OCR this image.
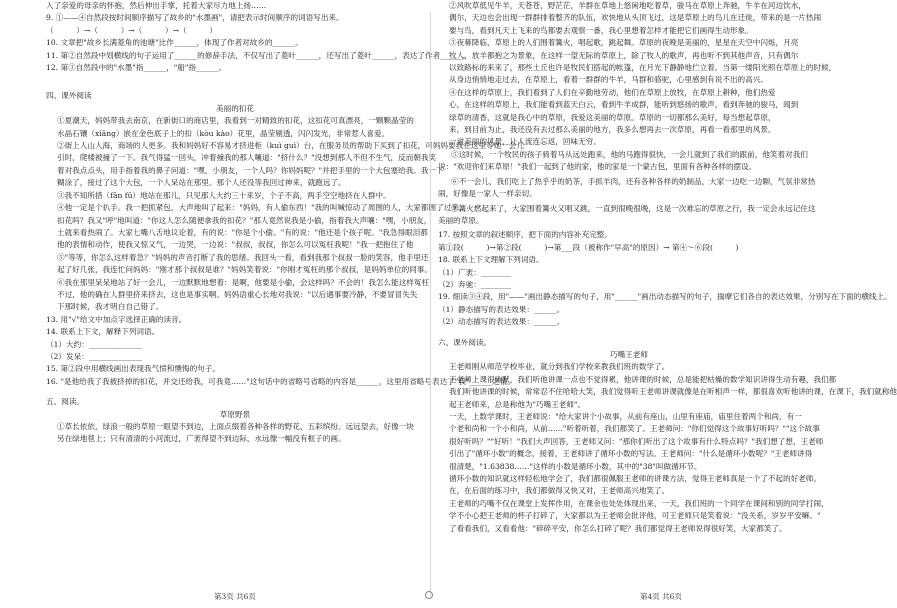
入了亲爱的母亲的怀抱，然后伸出手掌，托着大家尽力地上扬……
9. ①——④自然段按时间顺序描写了故乡的"水墨画"，请把表示时间顺序的词语写出来。
（　　　）→（　　　）→（　　　）→（　　　）
10. 文章把"故乡长满菱角的池塘"比作______，体现了作者对故乡的______。
11. 第②自然段中划横线的句子运用了______的修辞手法，不仅写出了菱叶______，还写出了菱叶______，表达了作者______。
12. 第③自然段中的"水墨"指______，"船"指______。
四、课外阅读
美丽的扣花
①夏潮天，妈妈带我去南京，在新街口的商店里，我看到一对精致的扣花，这扣花可真漂亮，一颗颗晶莹的
水晶石镶（xiāng）嵌在金色底子上的扣（kòu kào）花里，晶莹剔透，闪闪发光，非常惹人喜爱。
②街上人山人海，商场的人更多。我和妈妈好不容易才挤进柜（kuì guì）台，在服务员的帮助下买到了扣花，可妈妈要我在这里等她一会儿
引时，爬楼被撞了一下。我气得猛一回头，冲着撞我的那人嚷道："挤什么？"没想到那人不但不生气，反而朝我笑
着对我点点头，用手指着我的鼻子问道："嘿，小朋友，一个人吗？你妈妈呢？"并把手里的一个大包塞给我。我一下
糊涂了，接过了这个大包，一个人呆站在那里。那个人还没等我回过神来，就跑远了。
③我不知所措（fǎn fǔ）地站在那儿，只见那人大约三十来岁，个子不高，两手空空地挤在人群中。
④他一定是个扒手。我一把抓紧包，大声地叫了起来："妈妈，有人偷东西！"我的叫喊惊动了周围的人，大家都围了过来，
扣花吗？我又"呼"地叫道："你这人怎么随便拿我的扣花？"那人竟然说我是小偷，指着我大声嚷："嘿，小朋友，
土就来看热闹了。大家七嘴八舌地议论着，有的说："你是个小偷。"有的说："他还是个孩子呢。"我急得眼泪都
他的表情和动作，使我又惊又气，一边哭，一边说："叔叔，叔叔，你怎么可以冤枉我呢！"我一把抱住了他
⑤"等等，你怎么这样着急？"妈妈的声音打断了我的思绪。我回头一看，看到我那个叔叔一脸的笑容，他手里还
起了好几张，我连忙问妈妈："刚才那个叔叔是谁？"妈妈笑着说："你刚才冤枉的那个叔叔，是妈妈单位的同事。
⑥我在那里呆呆地站了好一会儿，一边默默地想着：是啊，他要是小偷，会这样吗？不会的！我怎么能这样冤枉
不过，他的确在人群里挤来挤去，这也是事实啊。妈妈语重心长地对我说："以后遇事要冷静，不要冒冒失失
下那时候，我才明白自己错了。
13. 用"√"给文中加点字选择正确的读音。
14. 联系上下文，解释下列词语。
（1）大约：______________
（2）发呆：______________
15. 第②段中用横线画出表现我气愤和懊悔的句子。
16. "是他给我了我被挤掉的扣花，并交还给我，可我竟……"这句话中的省略号省略的内容是______，这里用省略号表达了"我"______之情。
五、阅读。
草原野景
①草长依依，绿浪一般的草原一眼望不到边，上面点缀着各种各样的野花，五彩缤纷。远远望去，好像一块
另在绿地毯上；只有清清的小河流过，广袤得望不到边际，水远像一幅没有框子的画。
②风吹草低见牛羊，天苍苍，野茫茫，羊群在草地上悠闲地吃着草，骏马在草原上奔驰，牛羊在河边饮水，
偶尔，天边也会出现一群群排着整齐的队伍，欢快地从头顶飞过，这是草原上的鸟儿在迁徙，带来的是一片热闹
要与鸟，看到凡天上飞来的鸟都要去观察一番，我心里想着怎样才能把它们画得生动形象。
③夜幕降临，草原上的人们围着篝火，唱起歌，跳起舞。草原的夜晚是美丽的，星星在天空中闪烁，月亮
牧人，放羊都抱之为景象，在这样一望无际的草原上，除了牧人的歌声，再也听不到其他声音，只有偶尔
以致路标的来来了，那些土丘也许是牧民们搭起的帐篷，在月光下静静地伫立着。当第一缕阳光照在草原上的时候，
从身边悄悄地走过去，在草原上，看着一群群的牛羊，马群和骆驼，心里感到有说不出的高兴。
④在这样的草原上，我们看到了人们在辛勤地劳动，他们在草原上放牧，在草原上耕种，他们热爱
心，在这样的草原上，我们能看到蓝天白云，看到牛羊成群，能听到悠扬的歌声，看到奔驰的骏马，闻到
绿草的清香，这就是我心中的草原，我爱这美丽的草原。草原的一切都那么美好，每当想起草原，
来，到目前为止，我还没有去过那么美丽的地方，我多么想再去一次草原，再看一看那里的风景。
一道美丽的风景，让人流连忘返，回味无穷。
⑤这时候，一个牧民的孩子骑着马从远处跑来，他的马跑得很快，一会儿就到了我们的跟前，他笑着对我们说："欢迎你们来草原！"我们一起到了他的家，他的家是一个蒙古包，里面有各种各样的摆设。
⑥不一会儿，我们吃上了热乎乎的奶茶，手抓羊肉，还有各种各样的奶制品，大家一边吃一边聊，气氛非常热闹，好像是一家人一样亲切。
⑦篝火燃起来了，大家围着篝火又唱又跳，一直到很晚很晚，这是一次难忘的草原之行，我一定会永远记住这美丽的草原。
17. 按照文章的叙述顺序，把下面的内容补充完整。
第①段(　　　)→第②段(　　　)→第___段（被称作"早高"的原因）→ 第④～⑥段(　　　)
18. 联系上下文理解下列词语。
（1）广袤：________
（2）奔驰：________
19. 细读③④段，用"——"画出静态描写的句子，用"______"画出动态描写的句子，揣摩它们各自的表达效果，分别写在下面的横线上。
（1）静态描写的表达效果：______。
（2）动态描写的表达效果：______。
六、课外阅读。
巧嘴王老师
王老师刚从师范学校毕业，就分到我们学校来教我们班的数学了。
王老师上课很幽默，我们听他讲课一点也不觉得累，他讲课的时候，总是能把枯燥的数学知识讲得生动有趣，我们都
我们听他讲课的时候，常常忍不住哈哈大笑，我们觉得听王老师讲课就像是在听相声一样，都很喜欢听他讲的课，在课下，我们就称他
起王老师来，总是称他为"巧嘴王老师"。
一天，上数学课时，王老师说："给大家讲个小故事，从前有座山，山里有座庙，庙里住着两个和尚，有一
个老和尚和一个小和尚，从前……"听着听着，我们都笑了。王老师问："你们觉得这个故事好听吗？""这个故事
很好听吗？""好听！"我们大声回答，王老师又问："那你们听出了这个故事有什么特点吗？"我们想了想，王老师
引出了"循环小数"的概念，接着，王老师讲了循环小数的写法。王老师问："什么是循环小数呢？"王老师讲得
很清楚，"1.63838……"这样的小数是循环小数，其中的"38"叫做循环节。
循环小数的知识就这样轻松地学会了，我们都很佩服王老师的讲课方法，觉得王老师真是一个了不起的好老师。
在，在后面的练习中，我们都做得又快又对，王老师高兴地笑了。
王老师的巧嘴不仅在课堂上发挥作用，在课余也处处体现出来，一天，我们班的一个同学在课间和别的同学打闹，
学不小心把王老师的杯子打碎了，大家都以为王老师会批评他，可王老师只是笑着说："没关系，岁岁平安嘛。"
了看看我们，又看看他："碎碎平安，你怎么打碎了呢？我们都觉得王老师说得很好笑，大家都笑了。
第3页 共6页	第4页 共6页
